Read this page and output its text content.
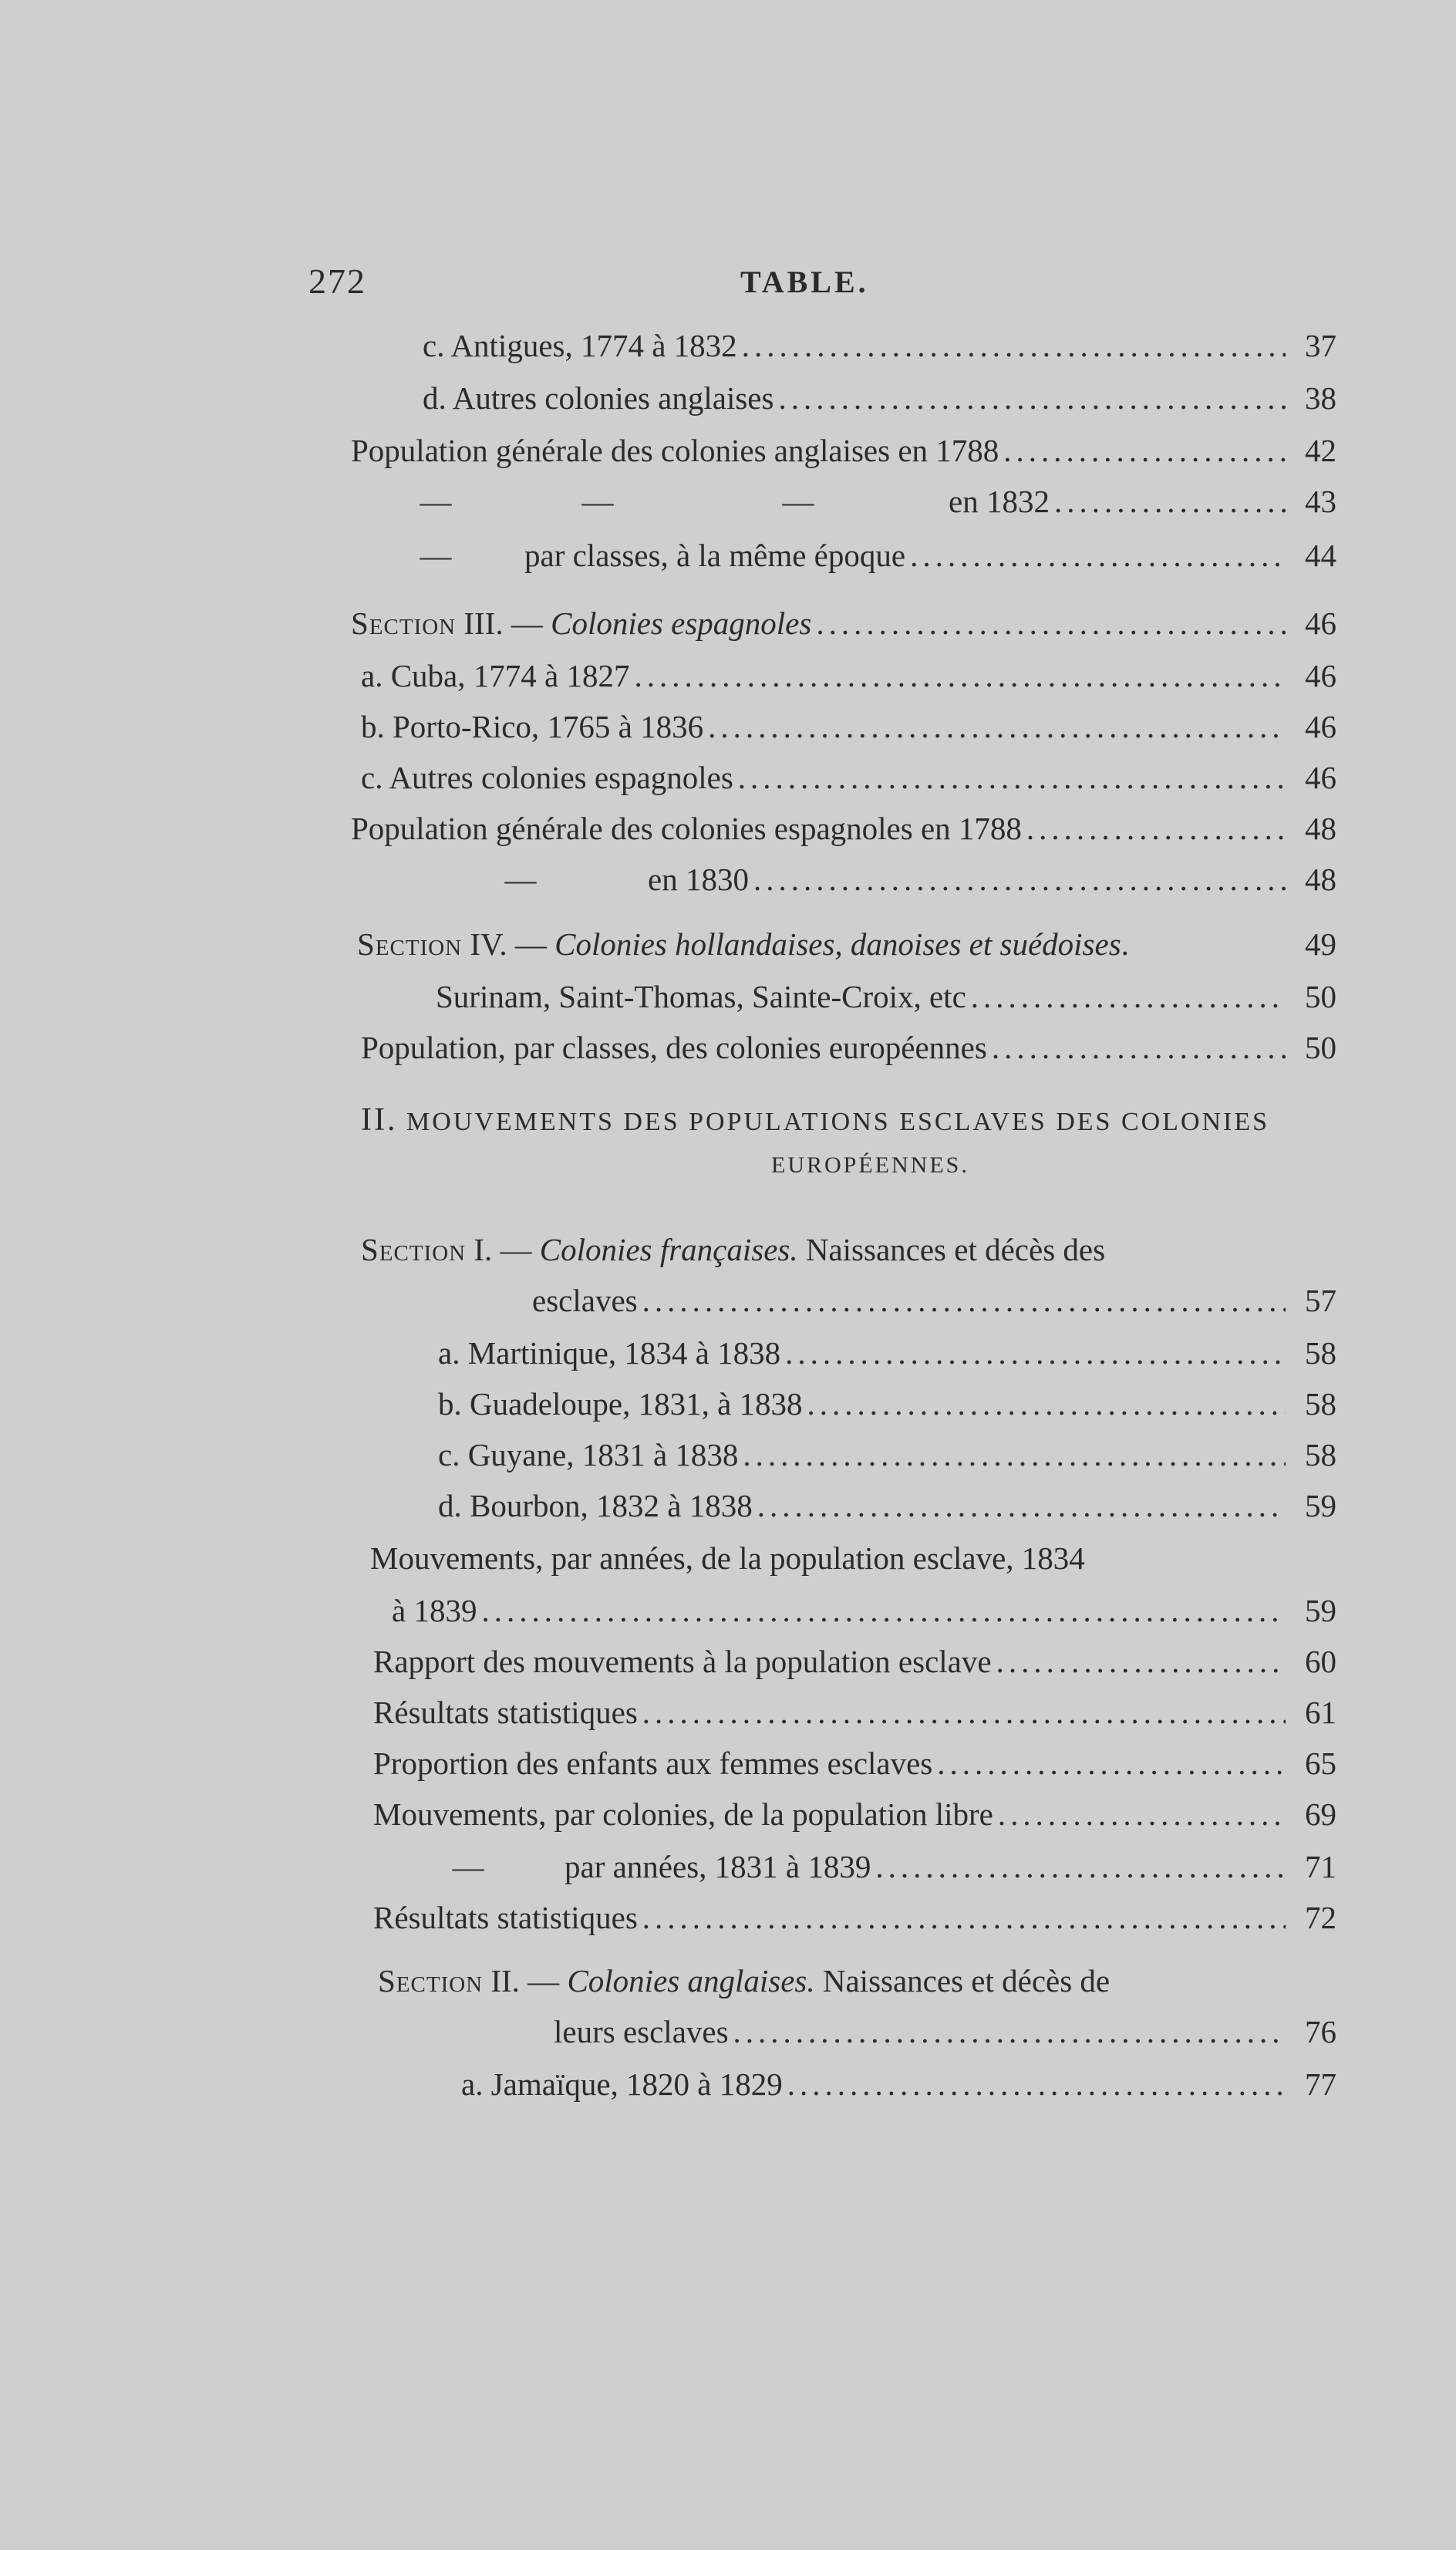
272	TABLE.
c. Antigues, 1774 à 1832 .....	37
d. Autres colonies anglaises .....	38
Population générale des colonies anglaises en 1788 .....	42
—	—	—	en 1832 .....	43
— par classes, à la même époque .....	44
Section III. — Colonies espagnoles .....	46
a. Cuba, 1774 à 1827 .....	46
b. Porto-Rico, 1765 à 1836 .....	46
c. Autres colonies espagnoles .....	46
Population générale des colonies espagnoles en 1788 .....	48
—	en 1830 .....	48
Section IV. — Colonies hollandaises, danoises et suédoises.	49
Surinam, Saint-Thomas, Sainte-Croix, etc .....	50
Population, par classes, des colonies européennes .....	50
II. MOUVEMENTS DES POPULATIONS ESCLAVES DES COLONIES
EUROPÉENNES.
Section I. — Colonies françaises. Naissances et décès des
esclaves .....	57
a. Martinique, 1834 à 1838 .....	58
b. Guadeloupe, 1831, à 1838 .....	58
c. Guyane, 1831 à 1838 .....	58
d. Bourbon, 1832 à 1838 .....	59
Mouvements, par années, de la population esclave, 1834
à 1839 .....	59
Rapport des mouvements à la population esclave .....	60
Résultats statistiques .....	61
Proportion des enfants aux femmes esclaves .....	65
Mouvements, par colonies, de la population libre .....	69
—	par années, 1831 à 1839 .....	71
Résultats statistiques .....	72
Section II. — Colonies anglaises. Naissances et décès de
leurs esclaves .....	76
a. Jamaïque, 1820 à 1829 .....	77
